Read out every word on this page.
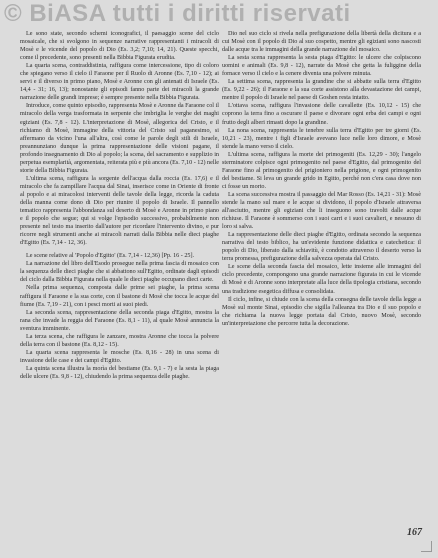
© BiASA tutti i diritti riservati

Le sono state, secondo schemi iconografici, il paesaggio scene del ciclo mosaicale, che si svolgono in sequenze narrative rappresentanti i miracoli di Mosè e le vicende del popolo di Dio (Es. 3,2; 7,10; 14, 21). Queste specchi, come il precedente, sono presenti nella Bibbia Figurata erudita.

La quarta scena, contraddistinta, raffigura come intercessione, tipo di coloro che spiegano verso il cielo il Faraone per il Ruolo di Aronne (Es. 7,10 - 12); ai servi e il diverso in primo piano, Mosè e Aronne con gli antenati di Israele (Es. 14,4 - 31; 16, 13); nonostante gli episodi fanno parte dei miracoli la grande narrazione delle grandi imprese; è sempre presente nella Bibbia Figurata.

Introduce, come quinto episodio, rappresenta Mosè e Aronne da Faraone col il miracolo della verga trasformata in serpente che imbriglia le verghe dei maghi egiziani (Es. 7,8 - 12). L'interpretazione di Mosè, allegorica del Cristo, e il richiamo di Mosè, immagine della vittoria del Cristo sul paganesimo, si affermano da vicino l'una all'altra, così come le parole degli stili di Israele, preannunziano dunque la prima rappresentazione delle visioni pagane, il profondo insegnamento di Dio al popolo; la scena, del sacramento e supplizio in perpetua esemplarità, argomentata, reiterata più e più ancora (Es. 7,10 - 12) nelle storie della Bibbia Figurata.

L'ultima scena, raffigura la sorgente dell'acqua dalla roccia (Es. 17,6) e il miracolo che fa zampillare l'acqua dal Sinai, inserisce come in Oriente di fronte al popolo e ai miracolosi interventi delle tavole della legge, ricorda la caduta della manna come dono di Dio per riunire il popolo di Israele. Il pannello tematico rappresenta l'abbondanza sul deserto di Mosè e Aronne in primo piano e il popolo che segue; qui si volge l'episodio successivo, probabilmente non presente nel testo ma inserito dall'autore per ricordare l'intervento divino, e pur ricorre negli strumenti anche ai miracoli narrati dalla Bibbia nelle dieci piaghe d'Egitto (Es. 7,14 - 12, 36).

Le scene relative al 'Popolo d'Egitto' (Es. 7,14 - 12,36) [Pp. 16 - 25].

La narrazione del libro dell'Esodo prosegue nella prima fascia di mosaico con la sequenza delle dieci piaghe che si abbattono sull'Egitto, ordinate dagli episodi del ciclo dalla Bibbia Figurata nella quale le dieci piaghe occupano dieci carte.

Nella prima sequenza, composta dalle prime sei piaghe, la prima scena raffigura il Faraone e la sua corte, con il bastone di Mosè che tocca le acque del fiume (Es. 7,19 - 21), con i pesci morti ai suoi piedi.

La seconda scena, rappresentazione della seconda piaga d'Egitto, mostra la rana che invade la reggia del Faraone (Es. 8,1 - 11), al quale Mosè annuncia la sventura imminente.

La terza scena, che raffigura le zanzare, mostra Aronne che tocca la polvere della terra con il bastone (Es. 8,12 - 15).

La quarta scena rappresenta le mosche (Es. 8,16 - 28) in una scena di invasione delle case e dei campi d'Egitto.

La quinta scena illustra la morìa del bestiame (Es. 9,1 - 7) e la sesta la piaga delle ulcere (Es. 9,8 - 12), chiudendo la prima sequenza delle piaghe.

Dio nel suo ciclo si rivela nella prefigurazione della libertà della dicitura e a cui Mosè con il popolo di Dio al suo cospetto, mentre gli egiziani sono nascosti dalle acque tra le immagini della grande narrazione del mosaico.

La sesta scena rappresenta la sesta piaga d'Egitto: le ulcere che colpiscono uomini e animali (Es. 9,8 - 12), narrate da Mosè che getta la fuliggine della fornace verso il cielo e la cenere diventa una polvere minuta.

La settima scena, rappresenta la grandine che si abbatte sulla terra d'Egitto (Es. 9,22 - 26); il Faraone e la sua corte assistono alla devastazione dei campi, mentre il popolo di Israele nel paese di Goshen resta intatto.

L'ottava scena, raffigura l'invasione delle cavallette (Es. 10,12 - 15) che coprono la terra fino a oscurare il paese e divorare ogni erba dei campi e ogni frutto degli alberi rimasti dopo la grandine.

La nona scena, rappresenta le tenebre sulla terra d'Egitto per tre giorni (Es. 10,21 - 23), mentre i figli d'Israele avevano luce nelle loro dimore, e Mosè stende la mano verso il cielo.

L'ultima scena, raffigura la morte dei primogeniti (Es. 12,29 - 30); l'angelo sterminatore colpisce ogni primogenito nel paese d'Egitto, dal primogenito del Faraone fino al primogenito del prigioniero nella prigione, e ogni primogenito del bestiame. Si leva un grande grido in Egitto, perché non c'era casa dove non ci fosse un morto.

La scena successiva mostra il passaggio del Mar Rosso (Es. 14,21 - 31): Mosè stende la mano sul mare e le acque si dividono, il popolo d'Israele attraversa all'asciutto, mentre gli egiziani che li inseguono sono travolti dalle acque richiuse. Il Faraone è sommerso con i suoi carri e i suoi cavalieri, e nessuno di loro si salva.

La rappresentazione delle dieci piaghe d'Egitto, ordinata secondo la sequenza narrativa del testo biblico, ha un'evidente funzione didattica e catechetica: il popolo di Dio, liberato dalla schiavitù, è condotto attraverso il deserto verso la terra promessa, prefigurazione della salvezza operata dal Cristo.

Le scene della seconda fascia del mosaico, lette insieme alle immagini del ciclo precedente, compongono una grande narrazione figurata in cui le vicende di Mosè e di Aronne sono interpretate alla luce della tipologia cristiana, secondo una tradizione esegetica diffusa e consolidata.

Il ciclo, infine, si chiude con la scena della consegna delle tavole della legge a Mosè sul monte Sinai, episodio che sigilla l'alleanza tra Dio e il suo popolo e che richiama la nuova legge portata dal Cristo, nuovo Mosè, secondo un'interpretazione che percorre tutta la decorazione.

167
